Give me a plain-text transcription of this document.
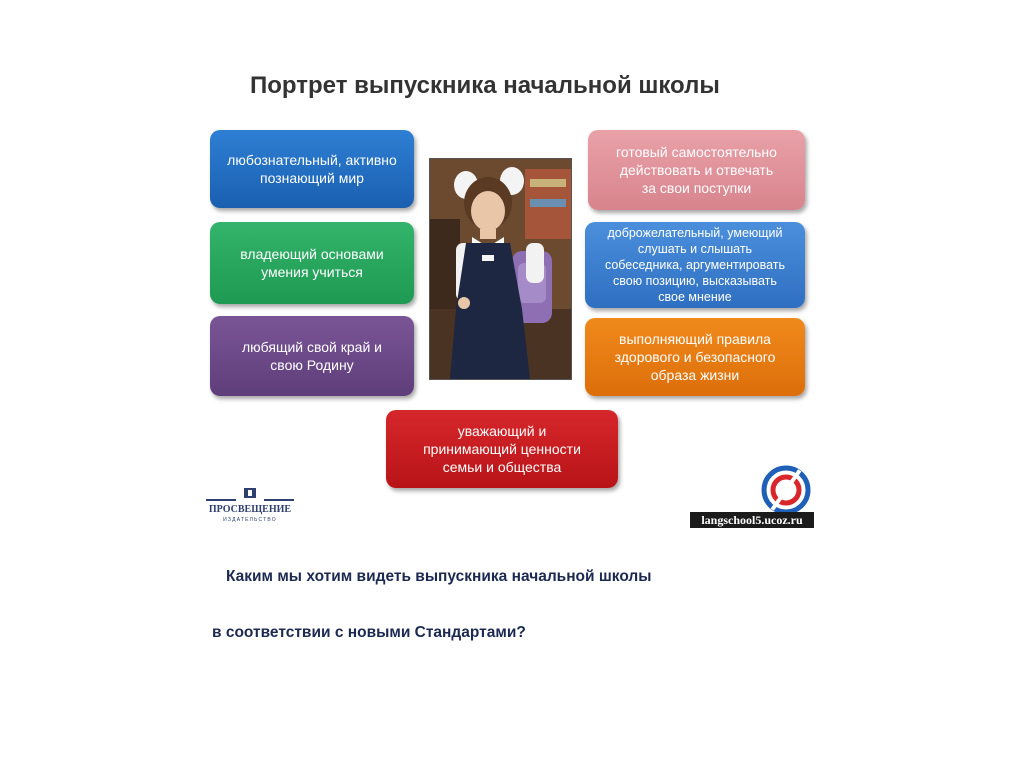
Портрет выпускника начальной школы
любознательный, активно
познающий мир
владеющий основами
умения учиться
любящий свой край и
свою Родину
готовый самостоятельно
действовать и отвечать
за свои поступки
доброжелательный, умеющий
слушать и слышать
собеседника, аргументировать
свою позицию, высказывать
свое мнение
выполняющий правила
здорового и безопасного
образа жизни
уважающий и
принимающий ценности
семьи и общества
ПРОСВЕЩЕНИЕ
ИЗДАТЕЛЬСТВО	langschool5.ucoz.ru
Каким мы хотим видеть выпускника начальной школы
в соответствии с новыми Стандартами?
